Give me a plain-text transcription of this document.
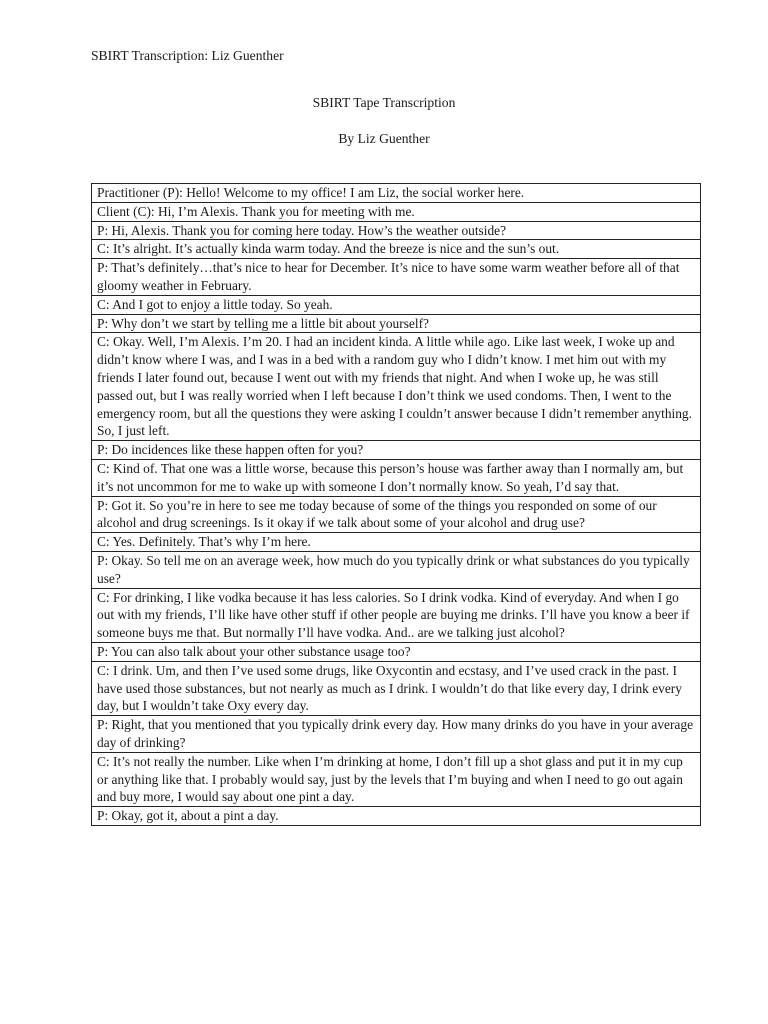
SBIRT Transcription: Liz Guenther
SBIRT Tape Transcription
By Liz Guenther
Practitioner (P): Hello! Welcome to my office! I am Liz, the social worker here.
Client (C): Hi, I’m Alexis. Thank you for meeting with me.
P: Hi, Alexis. Thank you for coming here today. How’s the weather outside?
C: It’s alright. It’s actually kinda warm today. And the breeze is nice and the sun’s out.
P: That’s definitely…that’s nice to hear for December. It’s nice to have some warm weather before all of that gloomy weather in February.
C: And I got to enjoy a little today. So yeah.
P: Why don’t we start by telling me a little bit about yourself?
C: Okay. Well, I’m Alexis. I’m 20. I had an incident kinda. A little while ago. Like last week, I woke up and didn’t know where I was, and I was in a bed with a random guy who I didn’t know. I met him out with my friends I later found out, because I went out with my friends that night. And when I woke up, he was still passed out, but I was really worried when I left because I don’t think we used condoms. Then, I went to the emergency room, but all the questions they were asking I couldn’t answer because I didn’t remember anything. So, I just left.
P: Do incidences like these happen often for you?
C: Kind of. That one was a little worse, because this person’s house was farther away than I normally am, but it’s not uncommon for me to wake up with someone I don’t normally know. So yeah, I’d say that.
P: Got it. So you’re in here to see me today because of some of the things you responded on some of our alcohol and drug screenings. Is it okay if we talk about some of your alcohol and drug use?
C: Yes. Definitely. That’s why I’m here.
P: Okay. So tell me on an average week, how much do you typically drink or what substances do you typically use?
C: For drinking, I like vodka because it has less calories. So I drink vodka. Kind of everyday. And when I go out with my friends, I’ll like have other stuff if other people are buying me drinks. I’ll have you know a beer if someone buys me that. But normally I’ll have vodka. And.. are we talking just alcohol?
P: You can also talk about your other substance usage too?
C: I drink. Um, and then I’ve used some drugs, like Oxycontin and ecstasy, and I’ve used crack in the past. I have used those substances, but not nearly as much as I drink. I wouldn’t do that like every day, I drink every day, but I wouldn’t take Oxy every day.
P: Right, that you mentioned that you typically drink every day. How many drinks do you have in your average day of drinking?
C: It’s not really the number. Like when I’m drinking at home, I don’t fill up a shot glass and put it in my cup or anything like that. I probably would say, just by the levels that I’m buying and when I need to go out again and buy more, I would say about one pint a day.
P: Okay, got it, about a pint a day.
